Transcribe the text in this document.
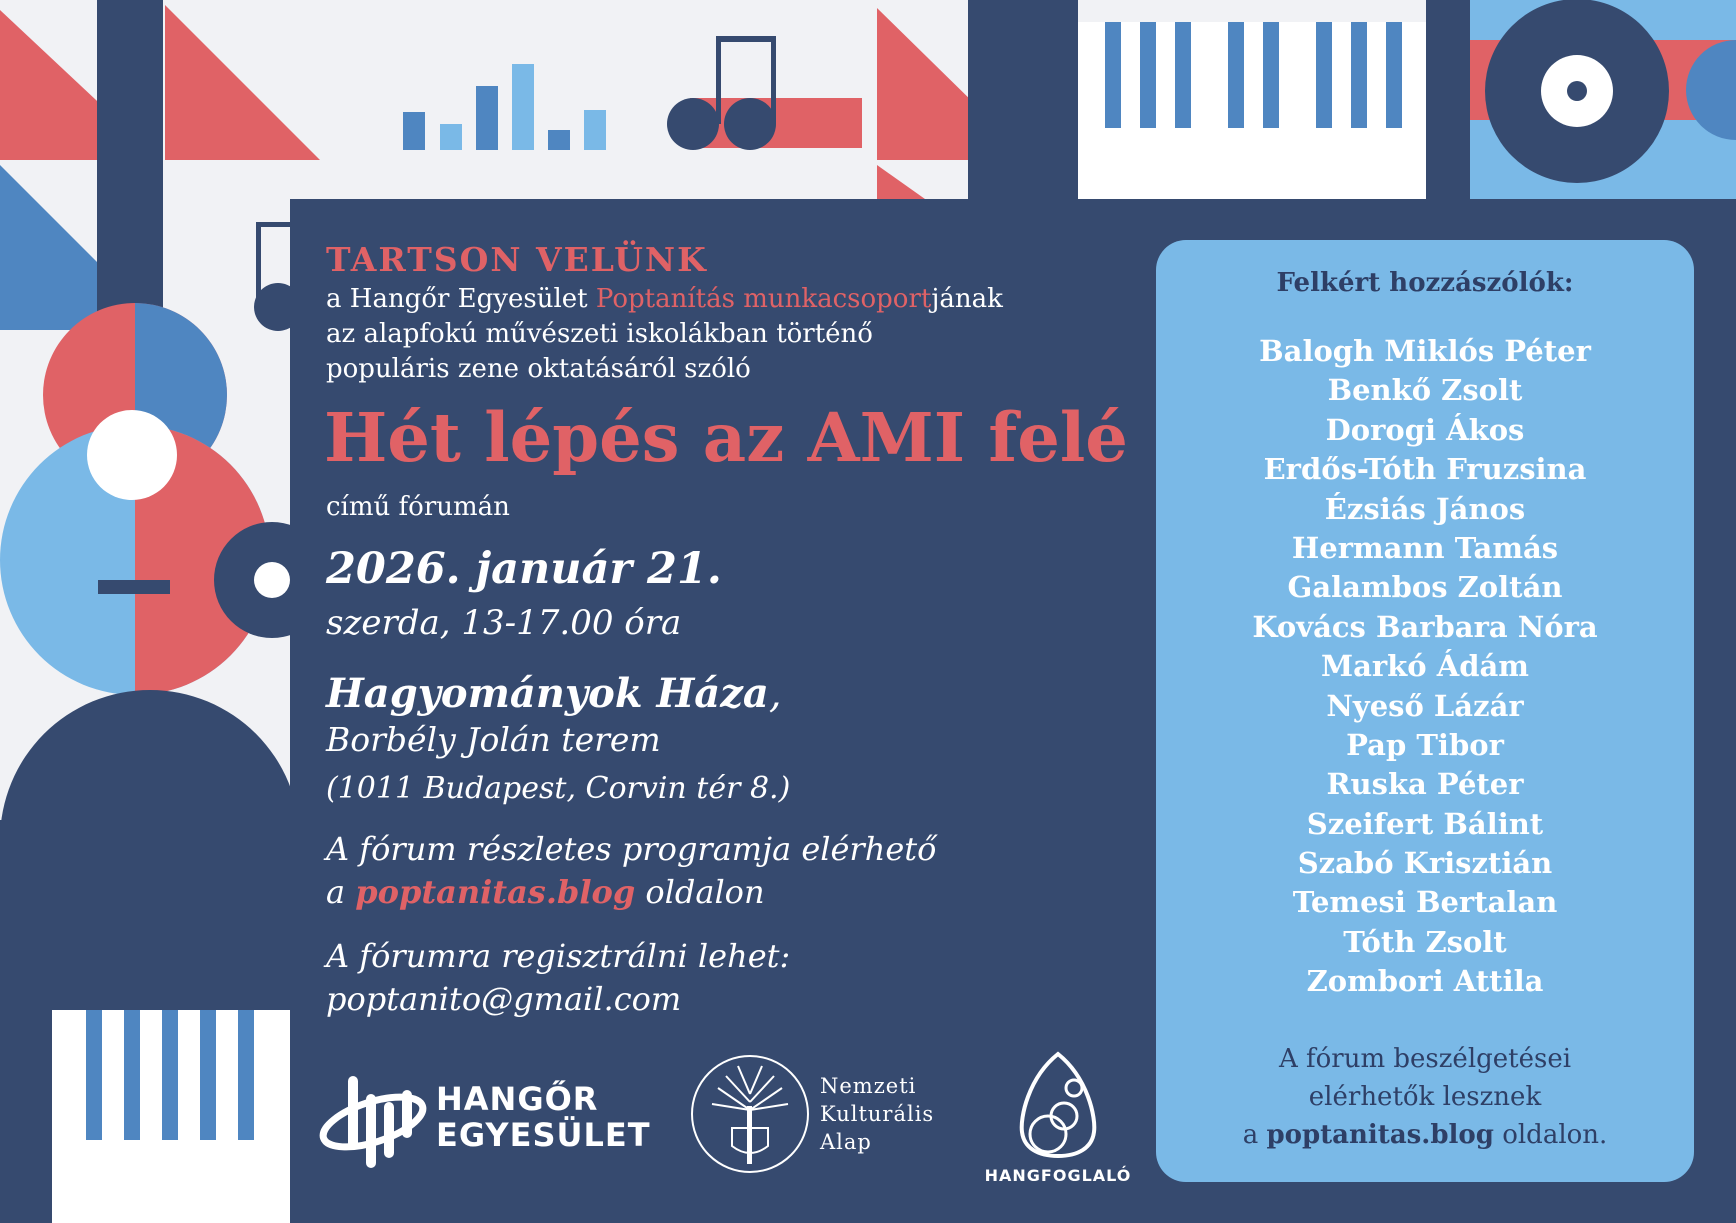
TARTSON VELÜNK
a Hangőr Egyesület Poptanítás munkacsoportjának
az alapfokú művészeti iskolákban történő
populáris zene oktatásáról szóló
Hét lépés az AMI felé
című fórumán
2026. január 21.
szerda, 13-17.00 óra
Hagyományok Háza,
Borbély Jolán terem
(1011 Budapest, Corvin tér 8.)
A fórum részletes programja elérhető
a poptanitas.blog oldalon
A fórumra regisztrálni lehet:
poptanito@gmail.com
Felkért hozzászólók:
Balogh Miklós Péter
Benkő Zsolt
Dorogi Ákos
Erdős-Tóth Fruzsina
Ézsiás János
Hermann Tamás
Galambos Zoltán
Kovács Barbara Nóra
Markó Ádám
Nyeső Lázár
Pap Tibor
Ruska Péter
Szeifert Bálint
Szabó Krisztián
Temesi Bertalan
Tóth Zsolt
Zombori Attila
A fórum beszélgetései
elérhetők lesznek
a poptanitas.blog oldalon.
HANGŐR
EGYESÜLET
Nemzeti
Kulturális
Alap
HANGFOGLALÓ
